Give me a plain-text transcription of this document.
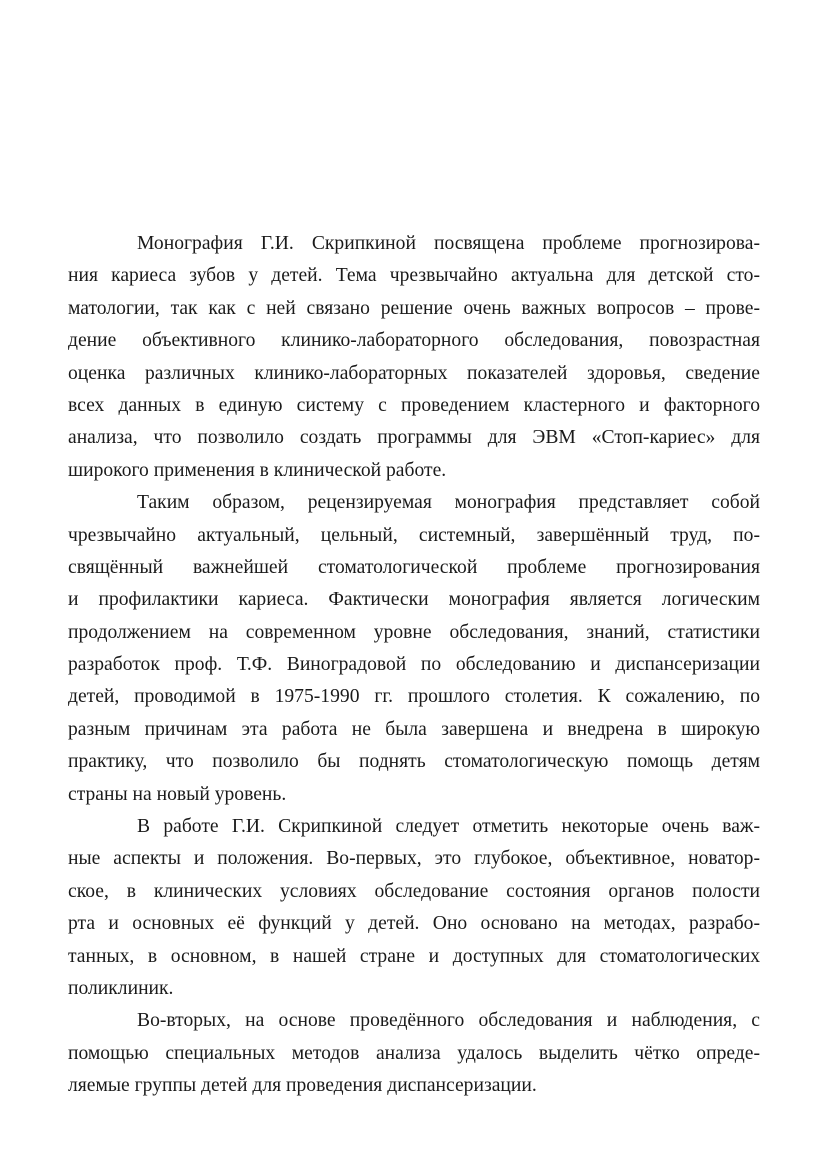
Монография Г.И. Скрипкиной посвящена проблеме прогнозирова-
ния кариеса зубов у детей. Тема чрезвычайно актуальна для детской сто-
матологии, так как с ней связано решение очень важных вопросов – прове-
дение объективного клинико-лабораторного обследования, повозрастная
оценка различных клинико-лабораторных показателей здоровья, сведение
всех данных в единую систему с проведением кластерного и факторного
анализа, что позволило создать программы для ЭВМ «Стоп-кариес» для
широкого применения в клинической работе.
Таким образом, рецензируемая монография представляет собой
чрезвычайно актуальный, цельный, системный, завершённый труд, по-
свящённый важнейшей стоматологической проблеме прогнозирования
и профилактики кариеса. Фактически монография является логическим
продолжением на современном уровне обследования, знаний, статистики
разработок проф. Т.Ф. Виноградовой по обследованию и диспансеризации
детей, проводимой в 1975-1990 гг. прошлого столетия. К сожалению, по
разным причинам эта работа не была завершена и внедрена в широкую
практику, что позволило бы поднять стоматологическую помощь детям
страны на новый уровень.
В работе Г.И. Скрипкиной следует отметить некоторые очень важ-
ные аспекты и положения. Во-первых, это глубокое, объективное, новатор-
ское, в клинических условиях обследование состояния органов полости
рта и основных её функций у детей. Оно основано на методах, разрабо-
танных, в основном, в нашей стране и доступных для стоматологических
поликлиник.
Во-вторых, на основе проведённого обследования и наблюдения, с
помощью специальных методов анализа удалось выделить чётко опреде-
ляемые группы детей для проведения диспансеризации.
